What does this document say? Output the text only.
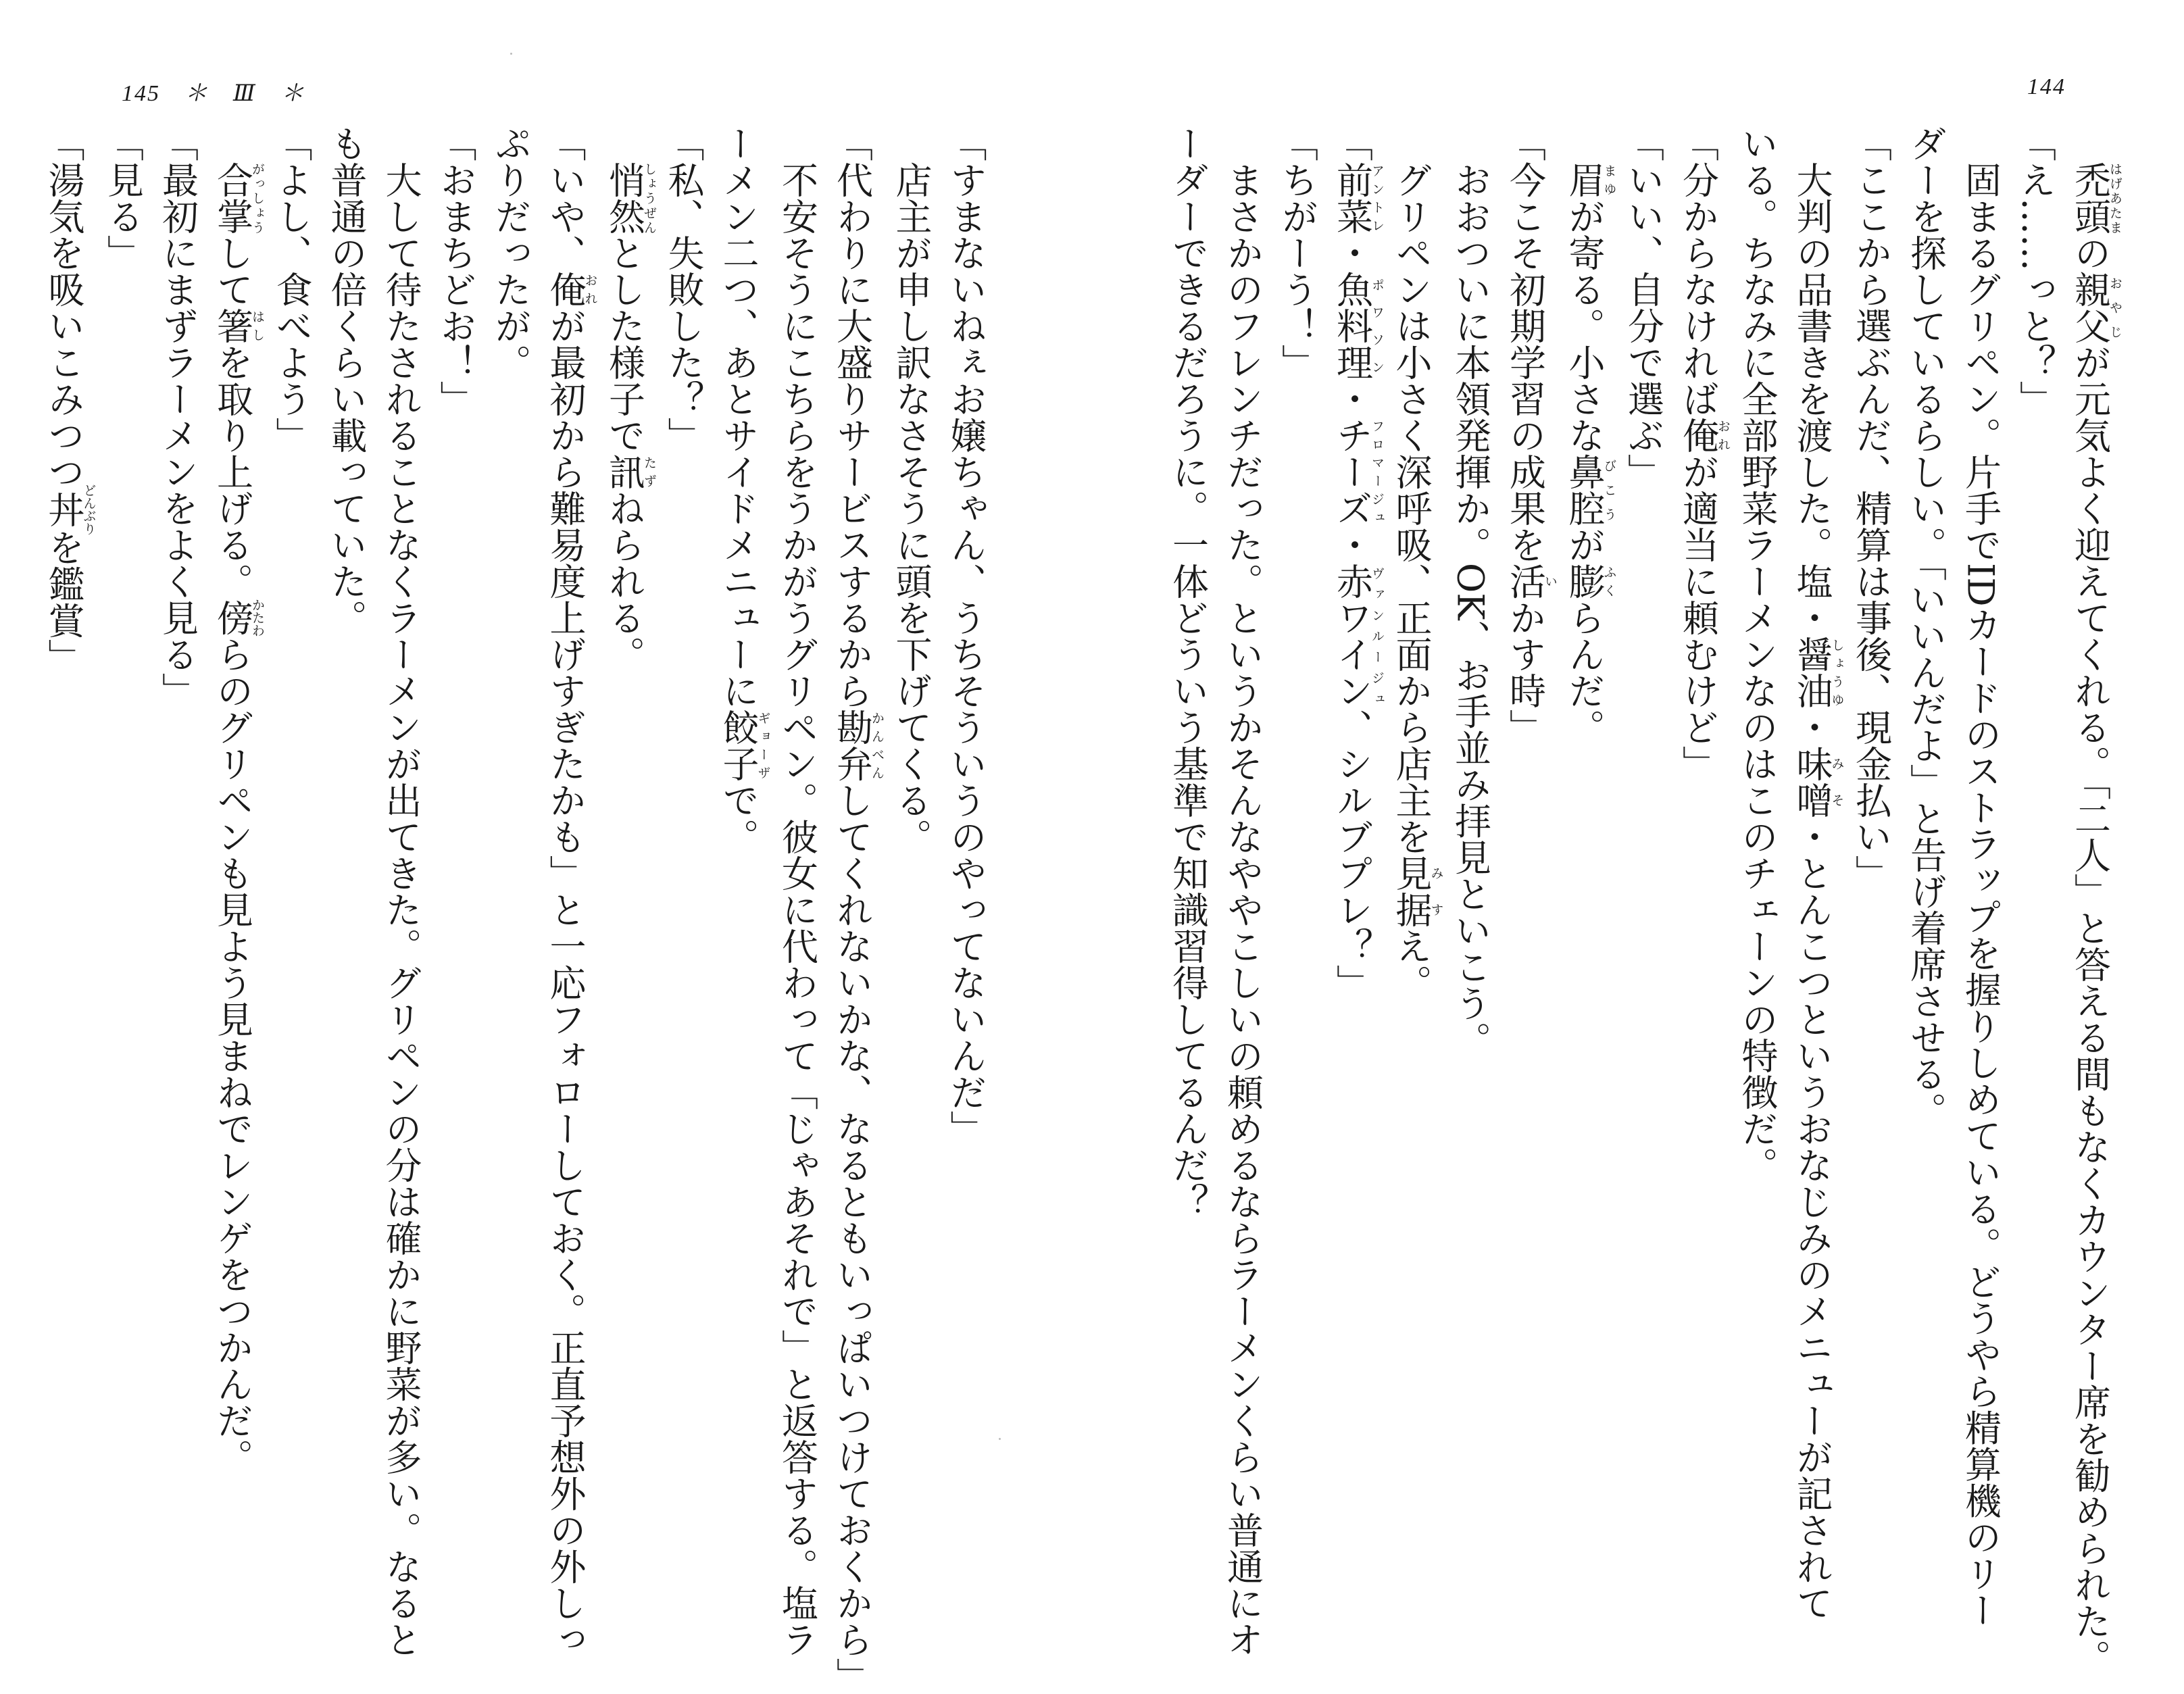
145　＊　Ⅲ　＊	144
　禿頭はげあたまの親父おやじが元気よく迎えてくれる。「二人」と答える間もなくカウンター席を勧められた。
「え……っと？」
　固まるグリペン。片手でIDカードのストラップを握りしめている。どうやら精算機のリー
ダーを探しているらしい。「いいんだよ」と告げ着席させる。
「ここから選ぶんだ、精算は事後、現金払い」
　大判の品書きを渡した。塩・醤油しょうゆ・味噌みそ・とんこつというおなじみのメニューが記されて
いる。ちなみに全部野菜ラーメンなのはこのチェーンの特徴だ。
「分からなければ俺おれが適当に頼むけど」
「いい、自分で選ぶ」
　眉まゆが寄る。小さな鼻腔びこうが膨ふくらんだ。
「今こそ初期学習の成果を活いかす時」
　おおついに本領発揮か。OK、お手並み拝見といこう。
　グリペンは小さく深呼吸、正面から店主を見据みすえ。
「前菜アントレ・魚料理ポワソン・チーズフロマージュ・赤ワインヴァンルージュ、シルブプレ？」
「ちがーう！」
　まさかのフレンチだった。というかそんなややこしいの頼めるならラーメンくらい普通にオ
ーダーできるだろうに。一体どういう基準で知識習得してるんだ？
「すまないねぇお嬢ちゃん、うちそういうのやってないんだ」
　店主が申し訳なさそうに頭を下げてくる。
「代わりに大盛りサービスするから勘弁かんべんしてくれないかな、なるともいっぱいつけておくから」
　不安そうにこちらをうかがうグリペン。彼女に代わって「じゃあそれで」と返答する。塩ラ
ーメン二つ、あとサイドメニューに餃子ギョーザで。
「私、失敗した？」
　悄然しょうぜんとした様子で訊たずねられる。
「いや、俺おれが最初から難易度上げすぎたかも」と一応フォローしておく。正直予想外の外しっ
ぷりだったが。
「おまちどお！」
　大して待たされることなくラーメンが出てきた。グリペンの分は確かに野菜が多い。なると
も普通の倍くらい載っていた。
「よし、食べよう」
　合掌がっしょうして箸はしを取り上げる。傍かたわらのグリペンも見よう見まねでレンゲをつかんだ。
「最初にまずラーメンをよく見る」
「見る」
「湯気を吸いこみつつ丼どんぶりを鑑賞」
